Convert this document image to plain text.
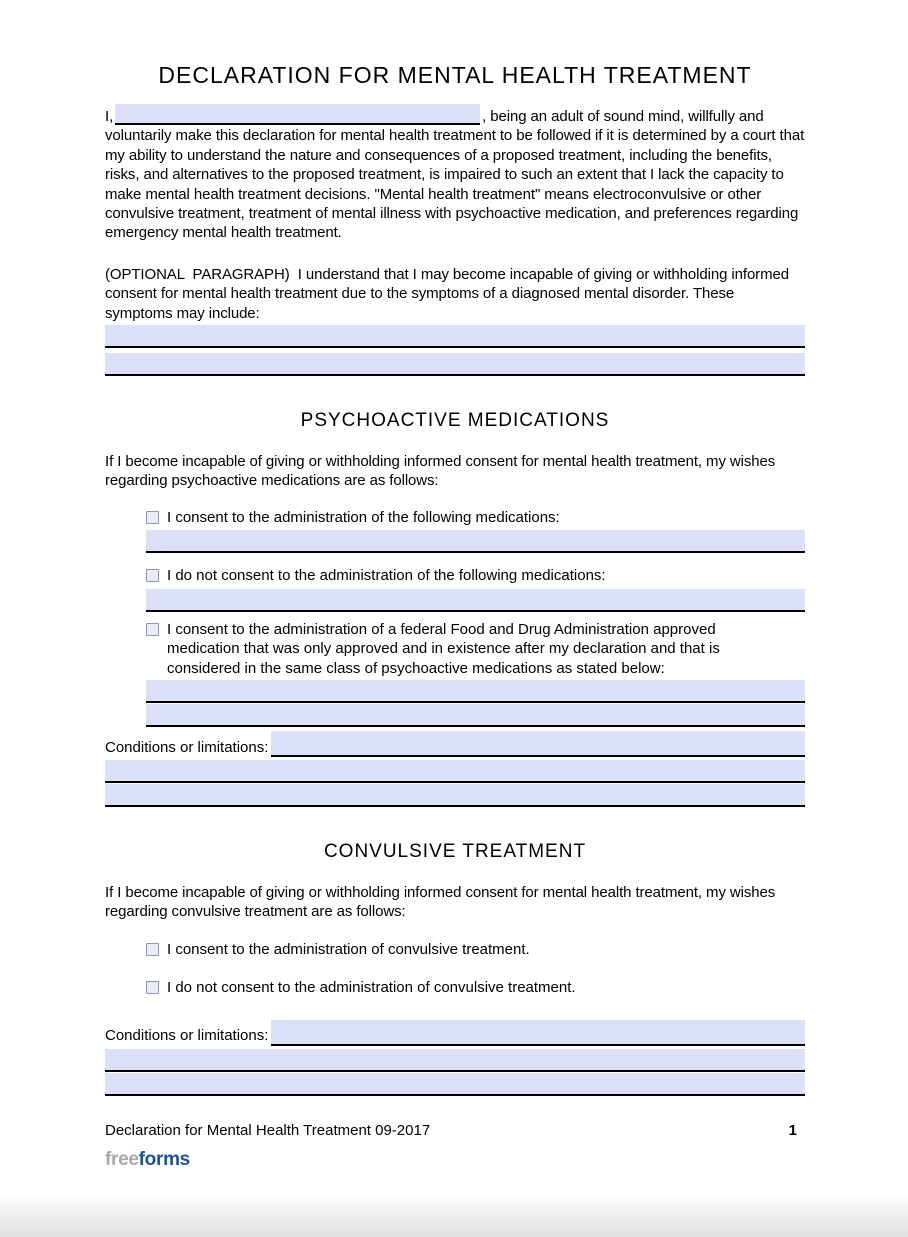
DECLARATION FOR MENTAL HEALTH TREATMENT

I,	, being an adult of sound mind, willfully and voluntarily make this declaration for mental health treatment to be followed if it is determined by a court that my ability to understand the nature and consequences of a proposed treatment, including the benefits, risks, and alternatives to the proposed treatment, is impaired to such an extent that I lack the capacity to make mental health treatment decisions. "Mental health treatment" means electroconvulsive or other convulsive treatment, treatment of mental illness with psychoactive medication, and preferences regarding emergency mental health treatment.

(OPTIONAL  PARAGRAPH)  I understand that I may become incapable of giving or withholding informed consent for mental health treatment due to the symptoms of a diagnosed mental disorder. These symptoms may include:

PSYCHOACTIVE MEDICATIONS

If I become incapable of giving or withholding informed consent for mental health treatment, my wishes regarding psychoactive medications are as follows:

I consent to the administration of the following medications:
I do not consent to the administration of the following medications:
I consent to the administration of a federal Food and Drug Administration approved medication that was only approved and in existence after my declaration and that is considered in the same class of psychoactive medications as stated below:
Conditions or limitations:
CONVULSIVE TREATMENT

If I become incapable of giving or withholding informed consent for mental health treatment, my wishes regarding convulsive treatment are as follows:

I consent to the administration of convulsive treatment.
I do not consent to the administration of convulsive treatment.
Conditions or limitations:
Declaration for Mental Health Treatment 09-2017	1
freeforms
